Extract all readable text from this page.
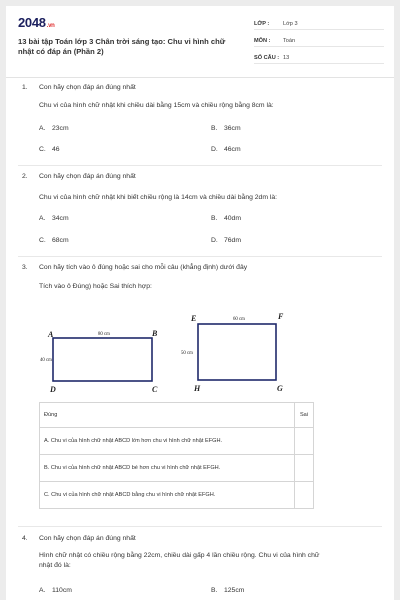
2048.vn
13 bài tập Toán lớp 3 Chân trời sáng tạo: Chu vi hình chữ nhật có đáp án (Phần 2)
LỚP :	Lớp 3
MÔN :	Toán
SỐ CÂU : 13
1. Con hãy chọn đáp án đúng nhất
Chu vi của hình chữ nhật khi chiều dài bằng 15cm và chiều rộng bằng 8cm là:
A. 23cm	B. 36cm
C. 46	D. 46cm
2. Con hãy chọn đáp án đúng nhất
Chu vi của hình chữ nhật khi biết chiều rộng là 14cm và chiều dài bằng 2dm là:
A. 34cm	B. 40dm
C. 68cm	D. 76dm
3. Con hãy tích vào ô đúng hoặc sai cho mỗi câu (khẳng định) dưới đây
Tích vào ô Đúng) hoặc Sai thích hợp:
A	B
C
D
80 cm
40 cm
E	F
G
H
60 cm
50 cm
Đúng	Sai
A. Chu vi của hình chữ nhật ABCD lớn hơn chu vi hình chữ nhật EFGH.	
B. Chu vi của hình chữ nhật ABCD bé hơn chu vi hình chữ nhật EFGH.	
C. Chu vi của hình chữ nhật ABCD bằng chu vi hình chữ nhật EFGH.	
4. Con hãy chọn đáp án đúng nhất
Hình chữ nhật có chiều rộng bằng 22cm, chiều dài gấp 4 lần chiều rộng. Chu vi của hình chữ
nhật đó là:
A. 110cm	B. 125cm
